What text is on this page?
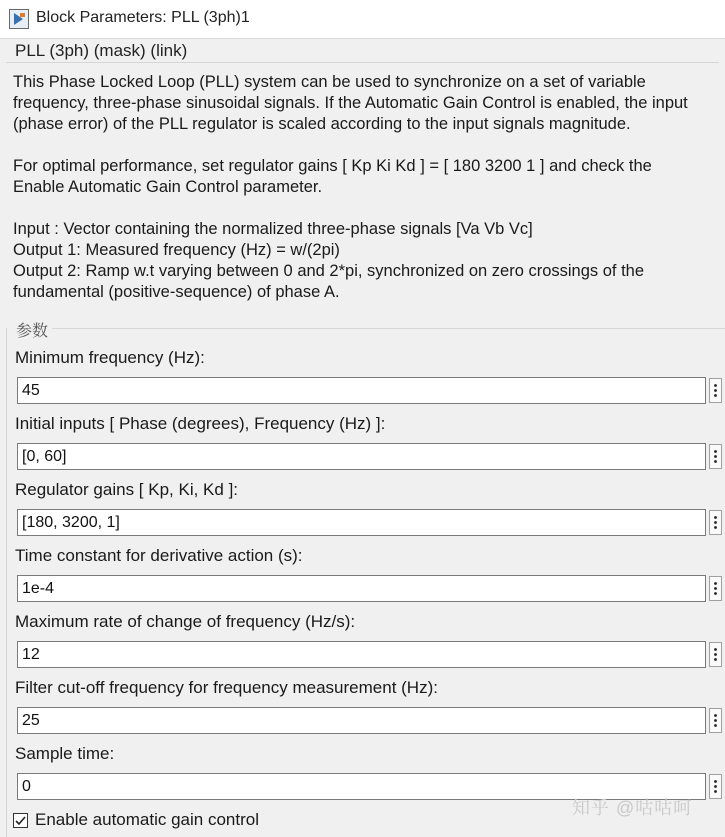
Block Parameters: PLL (3ph)1
PLL (3ph) (mask) (link)

This Phase Locked Loop (PLL) system can be used to synchronize on a set of variable

frequency, three-phase sinusoidal signals. If the Automatic Gain Control is enabled, the input

(phase error) of the PLL regulator is scaled according to the input signals magnitude.

For optimal performance, set regulator gains [ Kp Ki Kd ] = [ 180 3200 1 ] and check the

Enable Automatic Gain Control parameter.

Input : Vector containing the normalized three-phase signals [Va Vb Vc]

Output 1: Measured frequency (Hz) = w/(2pi)

Output 2: Ramp w.t varying between 0 and 2*pi, synchronized on zero crossings of the

fundamental (positive-sequence) of phase A.

参数
Minimum frequency (Hz):
45
Initial inputs [ Phase (degrees), Frequency (Hz) ]:
[0, 60]
Regulator gains [ Kp, Ki, Kd ]:
[180, 3200, 1]
Time constant for derivative action (s):
1e-4
Maximum rate of change of frequency (Hz/s):
12
Filter cut-off frequency for frequency measurement (Hz):
25
Sample time:
0
Enable automatic gain control
知乎 @咕咕呵
